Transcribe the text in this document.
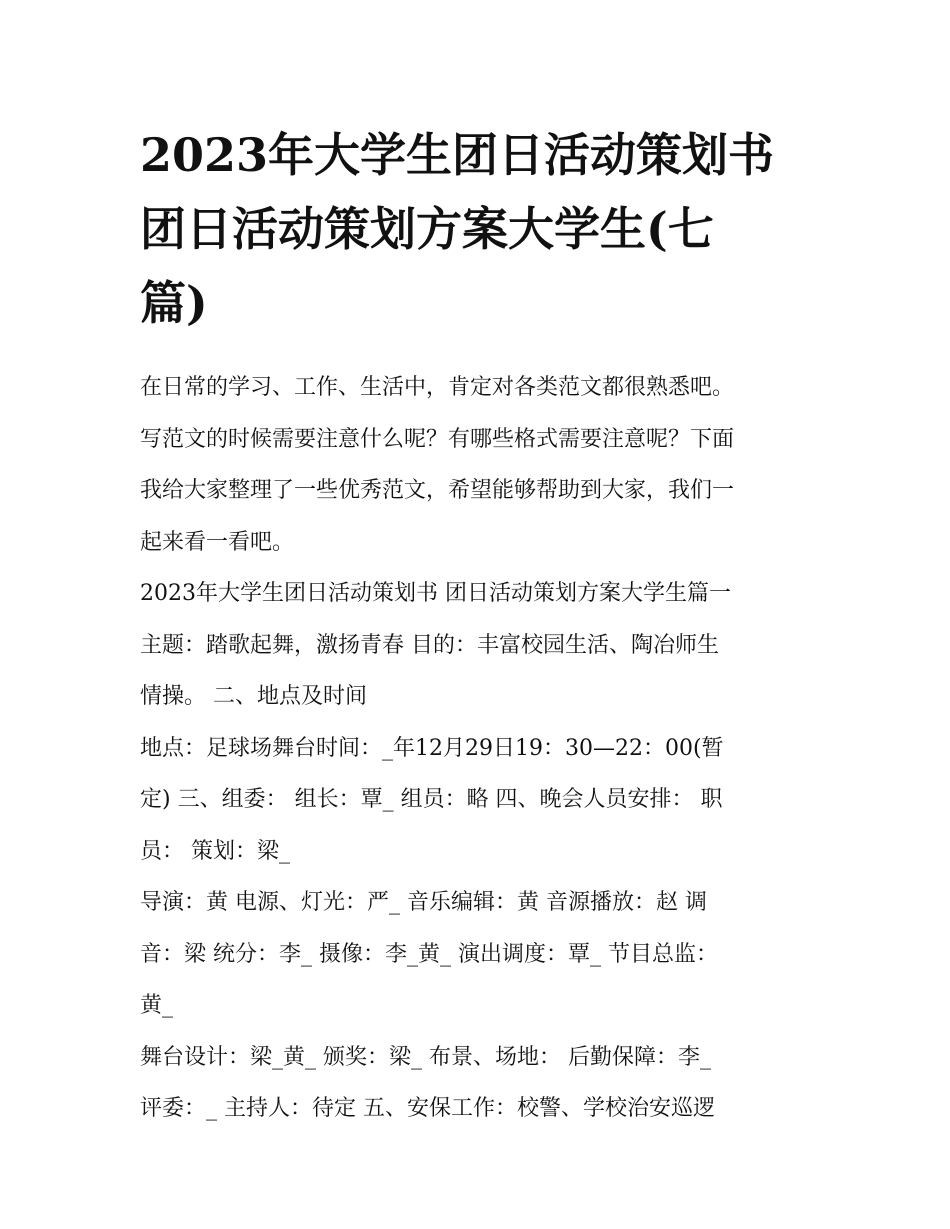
2023年大学生团日活动策划书
团日活动策划方案大学生(七
篇)
在日常的学习、工作、生活中，肯定对各类范文都很熟悉吧。
写范文的时候需要注意什么呢？有哪些格式需要注意呢？下面
我给大家整理了一些优秀范文，希望能够帮助到大家，我们一
起来看一看吧。
2023年大学生团日活动策划书 团日活动策划方案大学生篇一
主题：踏歌起舞，激扬青春 目的：丰富校园生活、陶冶师生
情操。 二、地点及时间
地点：足球场舞台时间：_年12月29日19：30—22：00(暂
定) 三、组委： 组长：覃_ 组员：略 四、晚会人员安排： 职
员： 策划：梁_
导演：黄 电源、灯光：严_ 音乐编辑：黄 音源播放：赵 调
音：梁 统分：李_ 摄像：李_黄_ 演出调度：覃_ 节目总监：
黄_
舞台设计：梁_黄_ 颁奖：梁_ 布景、场地： 后勤保障：李_
评委：_ 主持人：待定 五、安保工作：校警、学校治安巡逻
